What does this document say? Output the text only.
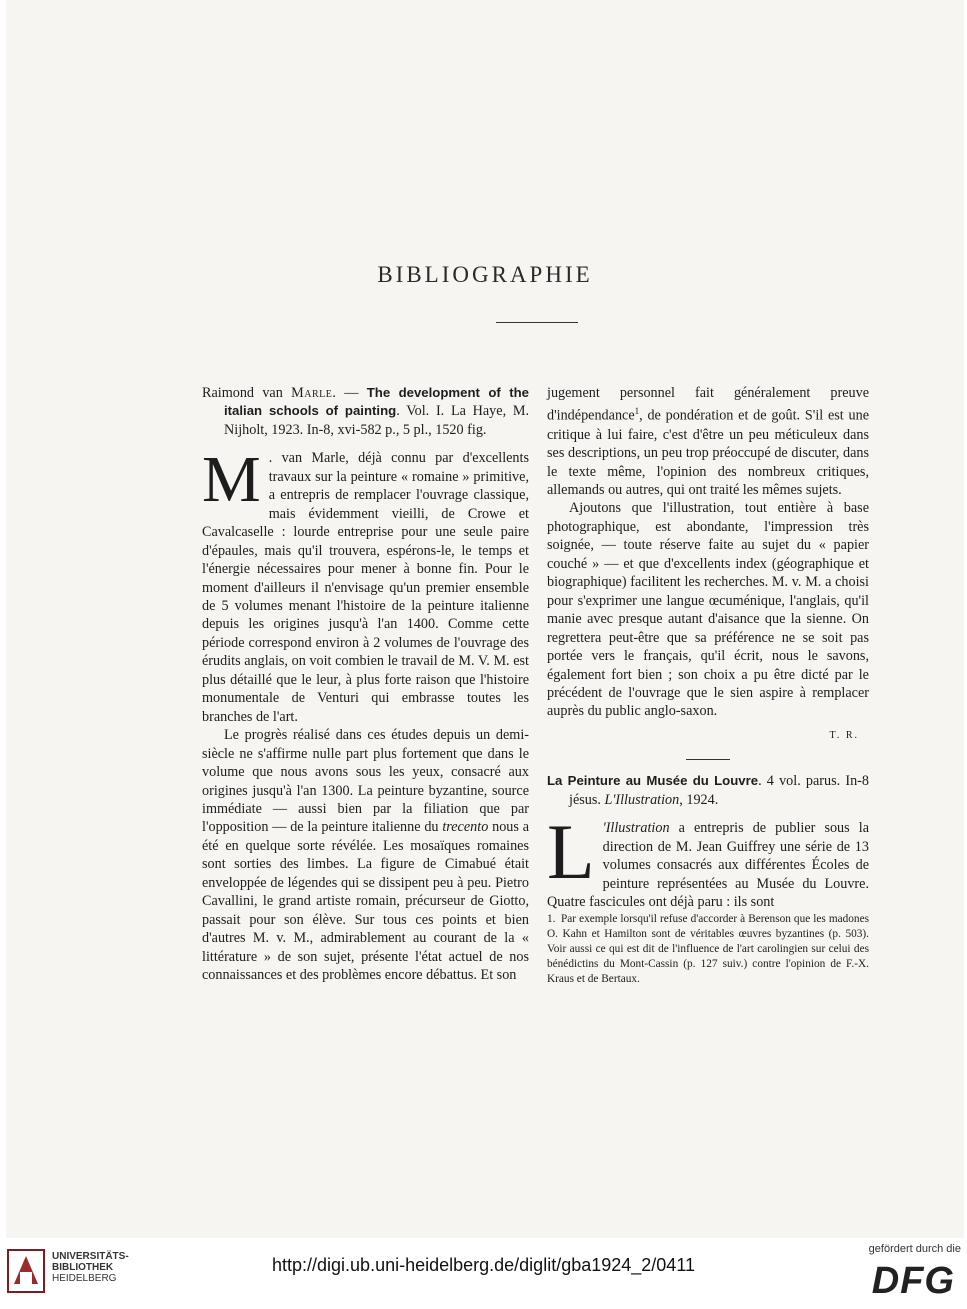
BIBLIOGRAPHIE

Raimond van Marle. — The development of the italian schools of painting. Vol. I. La Haye, M. Nijholt, 1923. In-8, xvi-582 p., 5 pl., 1520 fig.

M . van Marle, déjà connu par d'excellents travaux sur la peinture « romaine » primitive, a entrepris de remplacer l'ouvrage classique, mais évidemment vieilli, de Crowe et Cavalcaselle : lourde entreprise pour une seule paire d'épaules, mais qu'il trouvera, espérons-le, le temps et l'énergie nécessaires pour mener à bonne fin. Pour le moment d'ailleurs il n'envisage qu'un premier ensemble de 5 volumes menant l'histoire de la peinture italienne depuis les origines jusqu'à l'an 1400. Comme cette période correspond environ à 2 volumes de l'ouvrage des érudits anglais, on voit combien le travail de M. V. M. est plus détaillé que le leur, à plus forte raison que l'histoire monumentale de Venturi qui embrasse toutes les branches de l'art.

Le progrès réalisé dans ces études depuis un demi-siècle ne s'affirme nulle part plus fortement que dans le volume que nous avons sous les yeux, consacré aux origines jusqu'à l'an 1300. La peinture byzantine, source immédiate — aussi bien par la filiation que par l'opposition — de la peinture italienne du trecento nous a été en quelque sorte révélée. Les mosaïques romaines sont sorties des limbes. La figure de Cimabué était enveloppée de légendes qui se dissipent peu à peu. Pietro Cavallini, le grand artiste romain, précurseur de Giotto, passait pour son élève. Sur tous ces points et bien d'autres M. v. M., admirablement au courant de la « littérature » de son sujet, présente l'état actuel de nos connaissances et des problèmes encore débattus. Et son

jugement personnel fait généralement preuve d'indépendance$^1$, de pondération et de goût. S'il est une critique à lui faire, c'est d'être un peu méticuleux dans ses descriptions, un peu trop préoccupé de discuter, dans le texte même, l'opinion des nombreux critiques, allemands ou autres, qui ont traité les mêmes sujets.

Ajoutons que l'illustration, tout entière à base photographique, est abondante, l'impression très soignée, — toute réserve faite au sujet du « papier couché » — et que d'excellents index (géographique et biographique) facilitent les recherches. M. v. M. a choisi pour s'exprimer une langue œcuménique, l'anglais, qu'il manie avec presque autant d'aisance que la sienne. On regrettera peut-être que sa préférence ne se soit pas portée vers le français, qu'il écrit, nous le savons, également fort bien ; son choix a pu être dicté par le précédent de l'ouvrage que le sien aspire à remplacer auprès du public anglo-saxon.

T. R.

La Peinture au Musée du Louvre. 4 vol. parus. In-8 jésus. L'Illustration, 1924.

L 'Illustration a entrepris de publier sous la direction de M. Jean Guiffrey une série de 13 volumes consacrés aux différentes Écoles de peinture représentées au Musée du Louvre. Quatre fascicules ont déjà paru : ils sont

1. Par exemple lorsqu'il refuse d'accorder à Berenson que les madones O. Kahn et Hamilton sont de véritables œuvres byzantines (p. 503). Voir aussi ce qui est dit de l'influence de l'art carolingien sur celui des bénédictins du Mont-Cassin (p. 127 suiv.) contre l'opinion de F.-X. Kraus et de Bertaux.

UNIVERSITÄTS-
BIBLIOTHEK
HEIDELBERG
http://digi.ub.uni-heidelberg.de/diglit/gba1924_2/0411
gefördert durch die
DFG
